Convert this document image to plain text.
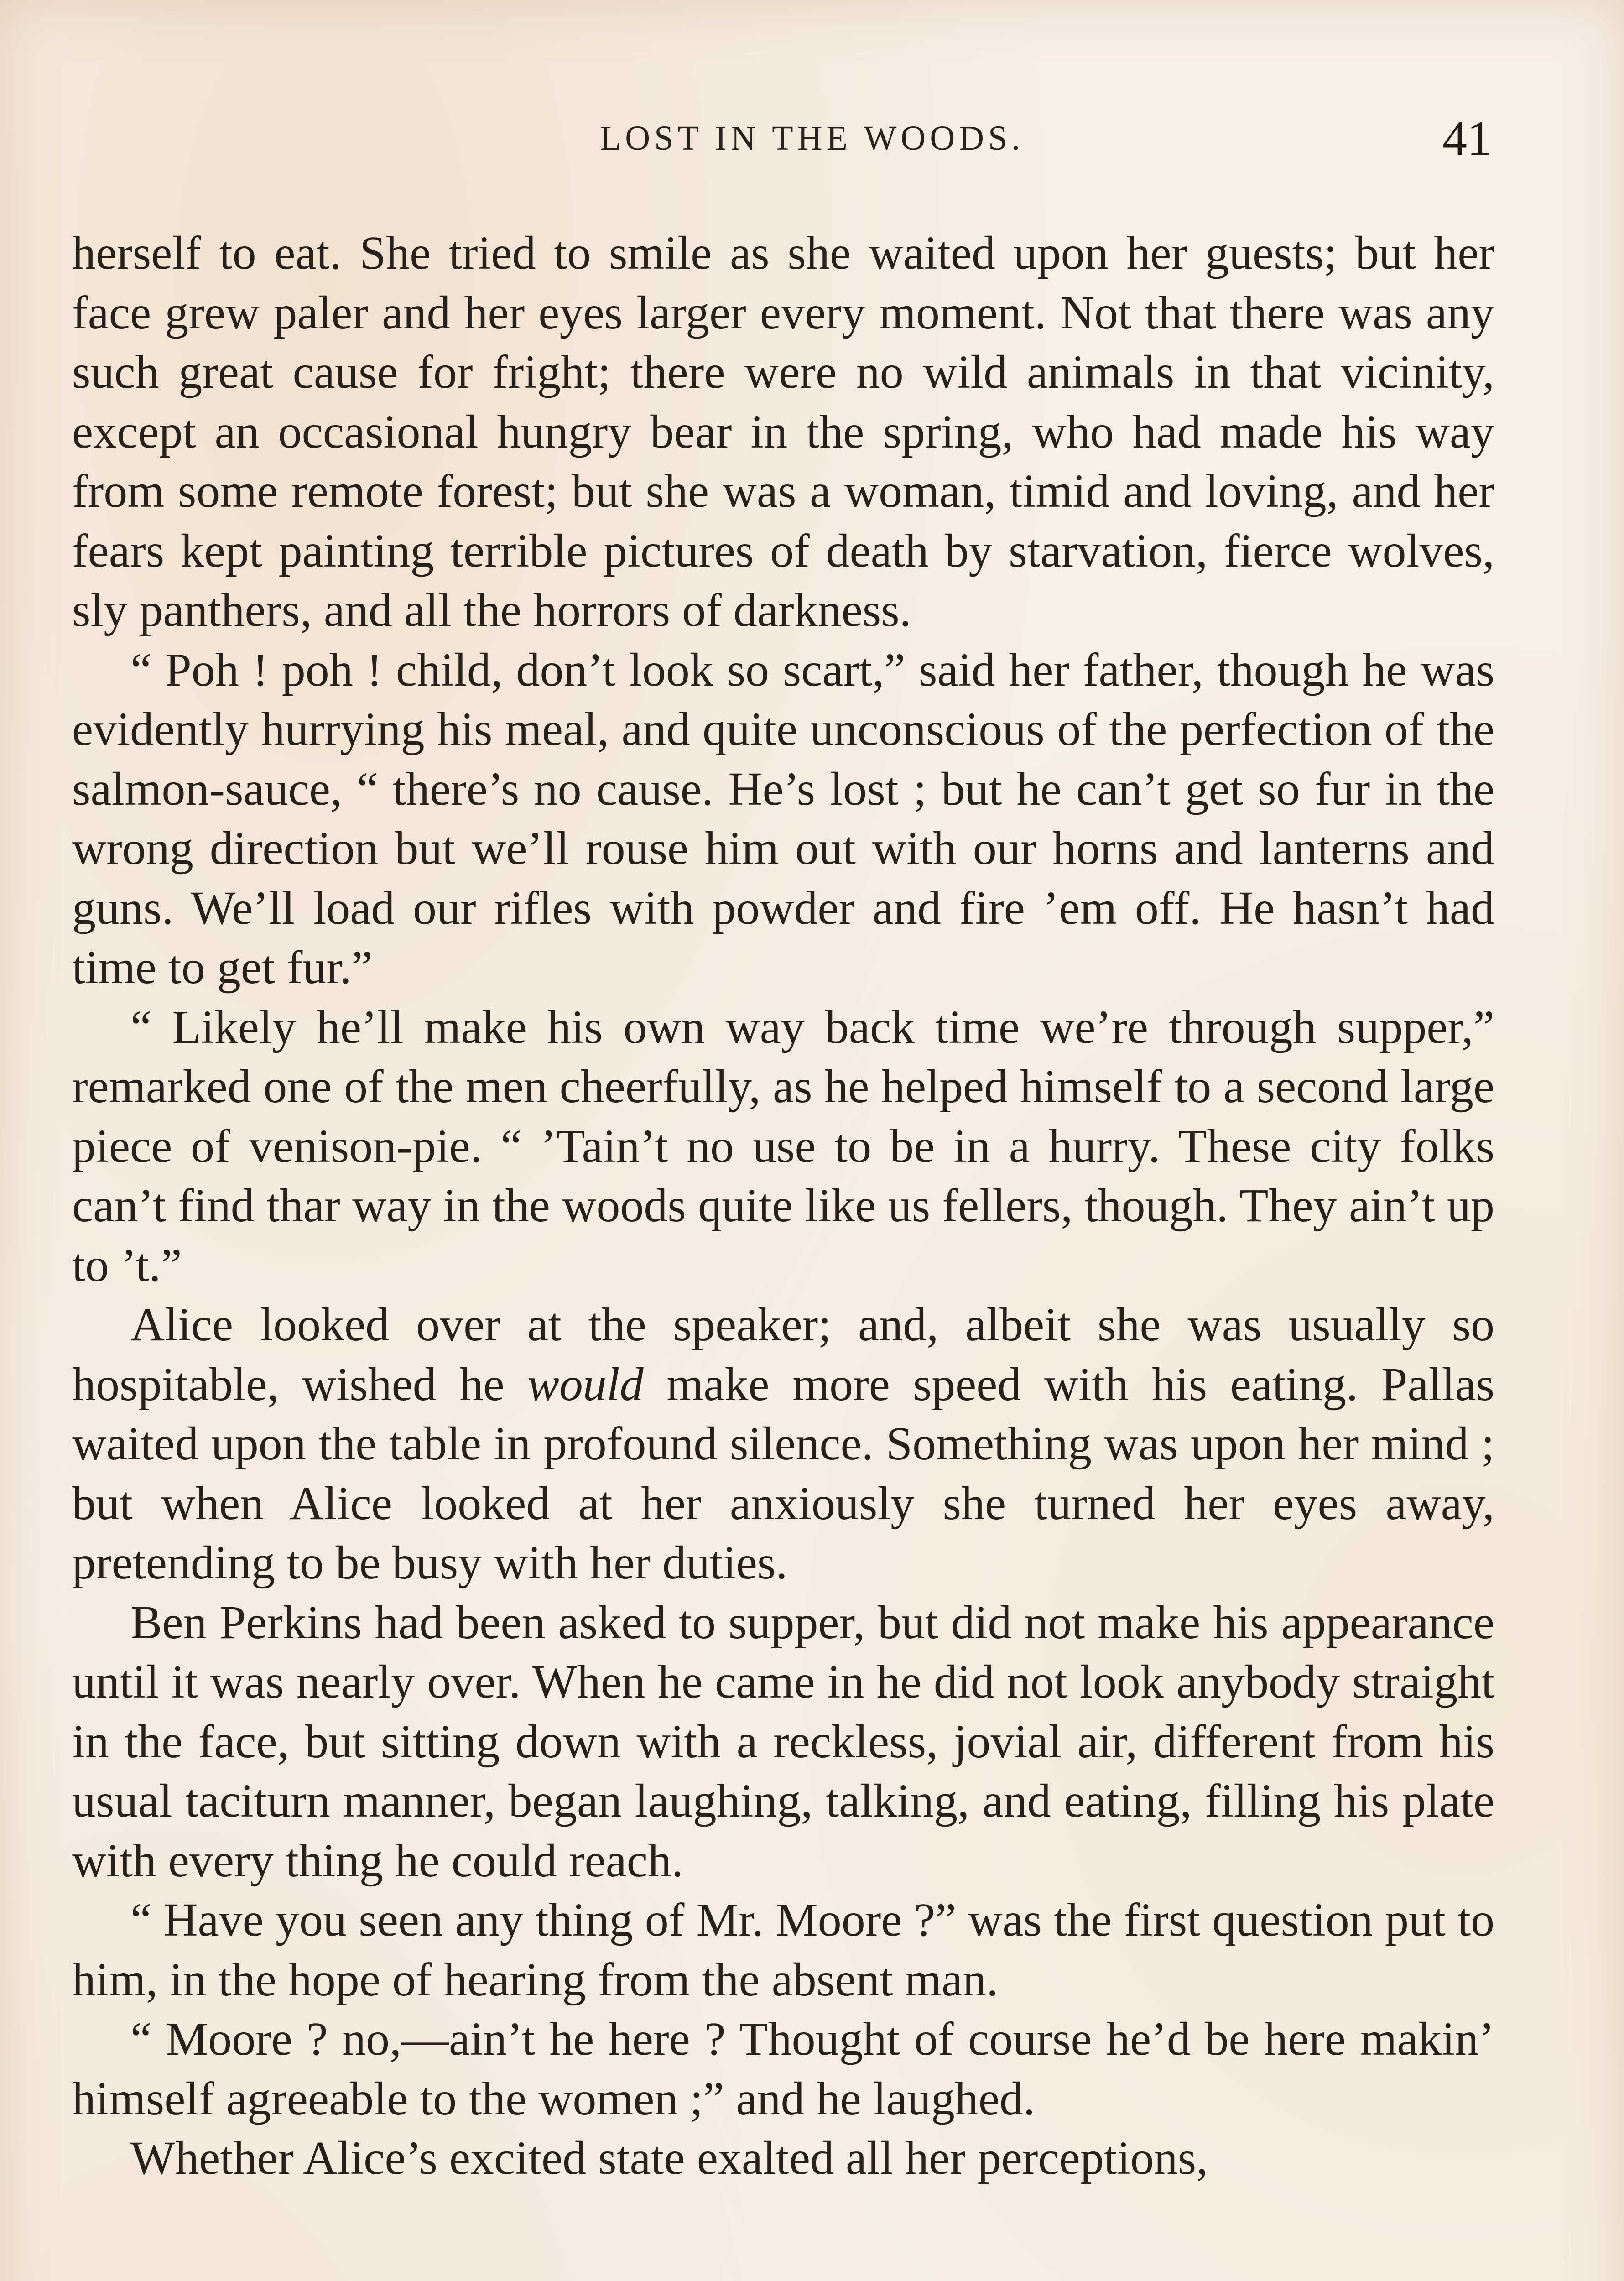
LOST IN THE WOODS.	41

herself to eat. She tried to smile as she waited upon her guests; but her face grew paler and her eyes larger every moment. Not that there was any such great cause for fright; there were no wild animals in that vicinity, except an occasional hungry bear in the spring, who had made his way from some remote forest; but she was a woman, timid and loving, and her fears kept painting terrible pictures of death by starvation, fierce wolves, sly panthers, and all the horrors of darkness.

“ Poh ! poh ! child, don’t look so scart,” said her father, though he was evidently hurrying his meal, and quite unconscious of the perfection of the salmon-sauce, “ there’s no cause. He’s lost ; but he can’t get so fur in the wrong direction but we’ll rouse him out with our horns and lanterns and guns. We’ll load our rifles with powder and fire ’em off. He hasn’t had time to get fur.”

“ Likely he’ll make his own way back time we’re through supper,” remarked one of the men cheerfully, as he helped himself to a second large piece of venison-pie. “ ’Tain’t no use to be in a hurry. These city folks can’t find thar way in the woods quite like us fellers, though. They ain’t up to ’t.”

Alice looked over at the speaker; and, albeit she was usually so hospitable, wished he would make more speed with his eating. Pallas waited upon the table in profound silence. Something was upon her mind ; but when Alice looked at her anxiously she turned her eyes away, pretending to be busy with her duties.

Ben Perkins had been asked to supper, but did not make his appearance until it was nearly over. When he came in he did not look anybody straight in the face, but sitting down with a reckless, jovial air, different from his usual taciturn manner, began laughing, talking, and eating, filling his plate with every thing he could reach.

“ Have you seen any thing of Mr. Moore ?” was the first question put to him, in the hope of hearing from the absent man.

“ Moore ? no,—ain’t he here ? Thought of course he’d be here makin’ himself agreeable to the women ;” and he laughed.

Whether Alice’s excited state exalted all her perceptions,
